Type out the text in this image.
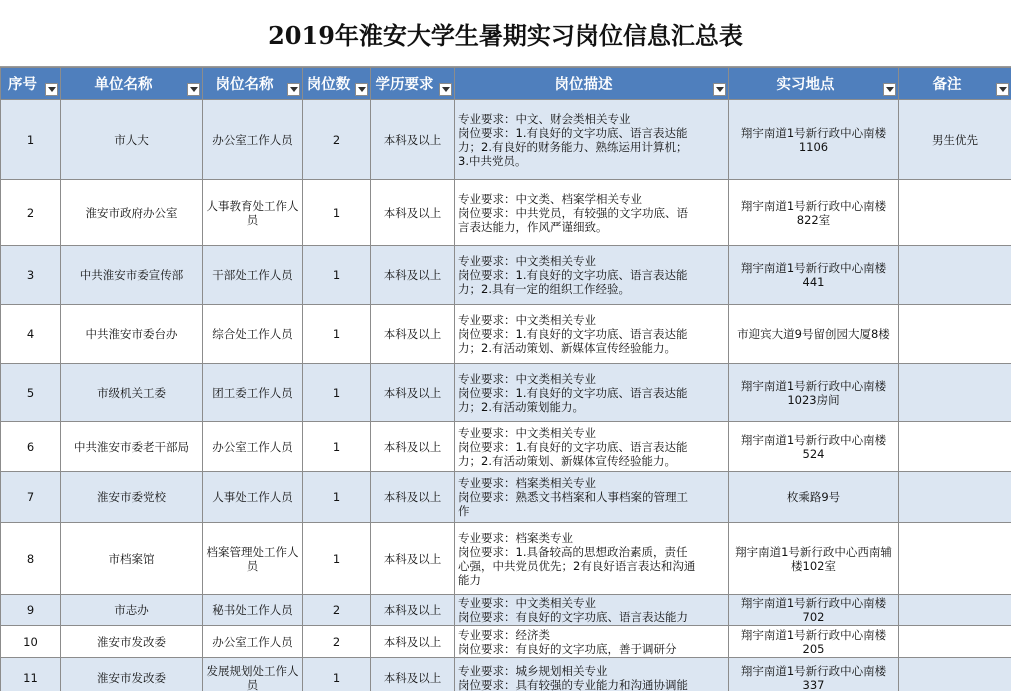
2019年淮安大学生暑期实习岗位信息汇总表
序号	单位名称	岗位名称	岗位数	学历要求	岗位描述	实习地点	备注

1	市人大	办公室工作人员	2	本科及以上	专业要求：中文、财会类相关专业
岗位要求：1.有良好的文字功底、语言表达能
力；2.有良好的财务能力、熟练运用计算机；
3.中共党员。	翔宇南道1号新行政中心南楼1106	男生优先
2	淮安市政府办公室	人事教育处工作人员	1	本科及以上	专业要求：中文类、档案学相关专业
岗位要求：中共党员，有较强的文字功底、语
言表达能力，作风严谨细致。	翔宇南道1号新行政中心南楼822室	
3	中共淮安市委宣传部	干部处工作人员	1	本科及以上	专业要求：中文类相关专业
岗位要求：1.有良好的文字功底、语言表达能
力；2.具有一定的组织工作经验。	翔宇南道1号新行政中心南楼441	
4	中共淮安市委台办	综合处工作人员	1	本科及以上	专业要求：中文类相关专业
岗位要求：1.有良好的文字功底、语言表达能
力；2.有活动策划、新媒体宣传经验能力。	市迎宾大道9号留创园大厦8楼	
5	市级机关工委	团工委工作人员	1	本科及以上	专业要求：中文类相关专业
岗位要求：1.有良好的文字功底、语言表达能
力；2.有活动策划能力。	翔宇南道1号新行政中心南楼1023房间	
6	中共淮安市委老干部局	办公室工作人员	1	本科及以上	专业要求：中文类相关专业
岗位要求：1.有良好的文字功底、语言表达能
力；2.有活动策划、新媒体宣传经验能力。	翔宇南道1号新行政中心南楼524	
7	淮安市委党校	人事处工作人员	1	本科及以上	专业要求：档案类相关专业
岗位要求：熟悉文书档案和人事档案的管理工
作	枚乘路9号	
8	市档案馆	档案管理处工作人员	1	本科及以上	专业要求：档案类专业
岗位要求：1.具备较高的思想政治素质，责任
心强，中共党员优先；2有良好语言表达和沟通
能力	翔宇南道1号新行政中心西南辅楼102室	
9	市志办	秘书处工作人员	2	本科及以上	专业要求：中文类相关专业
岗位要求：有良好的文字功底、语言表达能力	翔宇南道1号新行政中心南楼702	
10	淮安市发改委	办公室工作人员	2	本科及以上	专业要求：经济类
岗位要求：有良好的文字功底，善于调研分	翔宇南道1号新行政中心南楼205	
11	淮安市发改委	发展规划处工作人员	1	本科及以上	专业要求：城乡规划相关专业
岗位要求：具有较强的专业能力和沟通协调能	翔宇南道1号新行政中心南楼337	
